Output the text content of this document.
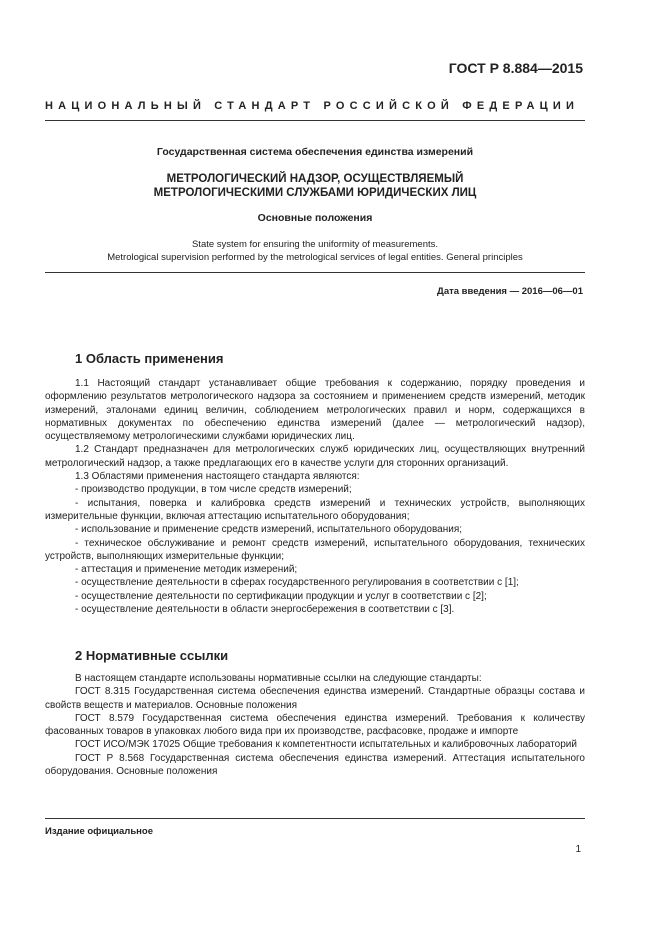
ГОСТ Р 8.884—2015
НАЦИОНАЛЬНЫЙ СТАНДАРТ РОССИЙСКОЙ ФЕДЕРАЦИИ
Государственная система обеспечения единства измерений
МЕТРОЛОГИЧЕСКИЙ НАДЗОР, ОСУЩЕСТВЛЯЕМЫЙ
МЕТРОЛОГИЧЕСКИМИ СЛУЖБАМИ ЮРИДИЧЕСКИХ ЛИЦ
Основные положения
State system for ensuring the uniformity of measurements.
Metrological supervision performed by the metrological services of legal entities. General principles
Дата введения — 2016—06—01
1 Область применения

1.1 Настоящий стандарт устанавливает общие требования к содержанию, порядку проведения и оформлению результатов метрологического надзора за состоянием и применением средств измерений, методик измерений, эталонами единиц величин, соблюдением метрологических правил и норм, содержащихся в нормативных документах по обеспечению единства измерений (далее — метрологический надзор), осуществляемому метрологическими службами юридических лиц.

1.2 Стандарт предназначен для метрологических служб юридических лиц, осуществляющих внутренний метрологический надзор, а также предлагающих его в качестве услуги для сторонних организаций.

1.3 Областями применения настоящего стандарта являются:

- производство продукции, в том числе средств измерений;

- испытания, поверка и калибровка средств измерений и технических устройств, выполняющих измерительные функции, включая аттестацию испытательного оборудования;

- использование и применение средств измерений, испытательного оборудования;

- техническое обслуживание и ремонт средств измерений, испытательного оборудования, технических устройств, выполняющих измерительные функции;

- аттестация и применение методик измерений;

- осуществление деятельности в сферах государственного регулирования в соответствии с [1];

- осуществление деятельности по сертификации продукции и услуг в соответствии с [2];

- осуществление деятельности в области энергосбережения в соответствии с [3].

2 Нормативные ссылки

В настоящем стандарте использованы нормативные ссылки на следующие стандарты:

ГОСТ 8.315 Государственная система обеспечения единства измерений. Стандартные образцы состава и свойств веществ и материалов. Основные положения

ГОСТ 8.579 Государственная система обеспечения единства измерений. Требования к количеству фасованных товаров в упаковках любого вида при их производстве, расфасовке, продаже и импорте

ГОСТ ИСО/МЭК 17025 Общие требования к компетентности испытательных и калибровочных лабораторий

ГОСТ Р 8.568 Государственная система обеспечения единства измерений. Аттестация испытательного оборудования. Основные положения

Издание официальное
1
